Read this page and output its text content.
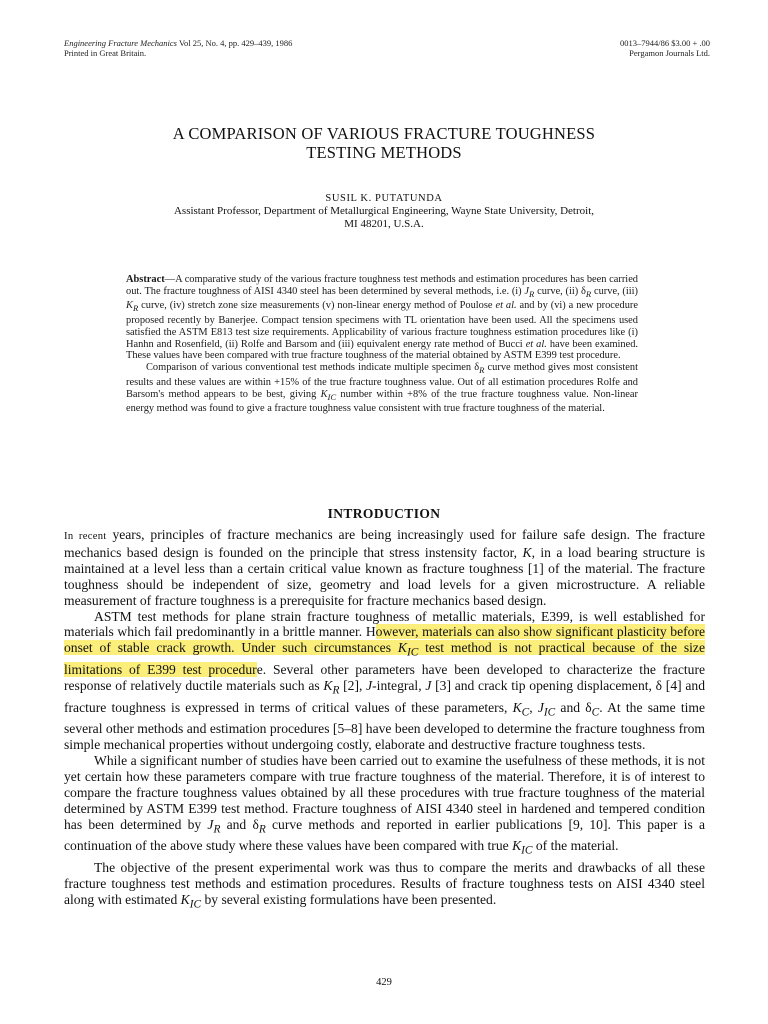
Engineering Fracture Mechanics Vol 25, No. 4, pp. 429–439, 1986
Printed in Great Britain.
0013–7944/86 $3.00 + .00
Pergamon Journals Ltd.
A COMPARISON OF VARIOUS FRACTURE TOUGHNESS
TESTING METHODS
SUSIL K. PUTATUNDA
Assistant Professor, Department of Metallurgical Engineering, Wayne State University, Detroit,
MI 48201, U.S.A.

Abstract—A comparative study of the various fracture toughness test methods and estimation procedures has been carried out. The fracture toughness of AISI 4340 steel has been determined by several methods, i.e. (i) $J_R$ curve, (ii) $\delta_R$ curve, (iii) $K_R$ curve, (iv) stretch zone size measurements (v) non-linear energy method of Poulose et al. and by (vi) a new procedure proposed recently by Banerjee. Compact tension specimens with TL orientation have been used. All the specimens used satisfied the ASTM E813 test size requirements. Applicability of various fracture toughness estimation procedures like (i) Hanhn and Rosenfield, (ii) Rolfe and Barsom and (iii) equivalent energy rate method of Bucci et al. have been examined. These values have been compared with true fracture toughness of the material obtained by ASTM E399 test procedure.

Comparison of various conventional test methods indicate multiple specimen $\delta_R$ curve method gives most consistent results and these values are within +15% of the true fracture toughness value. Out of all estimation procedures Rolfe and Barsom's method appears to be best, giving $K_{IC}$ number within +8% of the true fracture toughness value. Non-linear energy method was found to give a fracture toughness value consistent with true fracture toughness of the material.

INTRODUCTION

In recent years, principles of fracture mechanics are being increasingly used for failure safe design. The fracture mechanics based design is founded on the principle that stress instensity factor, K, in a load bearing structure is maintained at a level less than a certain critical value known as fracture toughness [1] of the material. The fracture toughness should be independent of size, geometry and load levels for a given microstructure. A reliable measurement of fracture toughness is a prerequisite for fracture mechanics based design.

ASTM test methods for plane strain fracture toughness of metallic materials, E399, is well established for materials which fail predominantly in a brittle manner. However, materials can also show significant plasticity before onset of stable crack growth. Under such circumstances $K_{IC}$ test method is not practical because of the size limitations of E399 test procedure. Several other parameters have been developed to characterize the fracture response of relatively ductile materials such as $K_R$ [2], J-integral, J [3] and crack tip opening displacement, δ [4] and fracture toughness is expressed in terms of critical values of these parameters, $K_C$, $J_{IC}$ and $\delta_C$. At the same time several other methods and estimation procedures [5–8] have been developed to determine the fracture toughness from simple mechanical properties without undergoing costly, elaborate and destructive fracture toughness tests.

While a significant number of studies have been carried out to examine the usefulness of these methods, it is not yet certain how these parameters compare with true fracture toughness of the material. Therefore, it is of interest to compare the fracture toughness values obtained by all these procedures with true fracture toughness of the material determined by ASTM E399 test method. Fracture toughness of AISI 4340 steel in hardened and tempered condition has been determined by $J_R$ and $\delta_R$ curve methods and reported in earlier publications [9, 10]. This paper is a continuation of the above study where these values have been compared with true $K_{IC}$ of the material.

The objective of the present experimental work was thus to compare the merits and drawbacks of all these fracture toughness test methods and estimation procedures. Results of fracture toughness tests on AISI 4340 steel along with estimated $K_{IC}$ by several existing formulations have been presented.

429
